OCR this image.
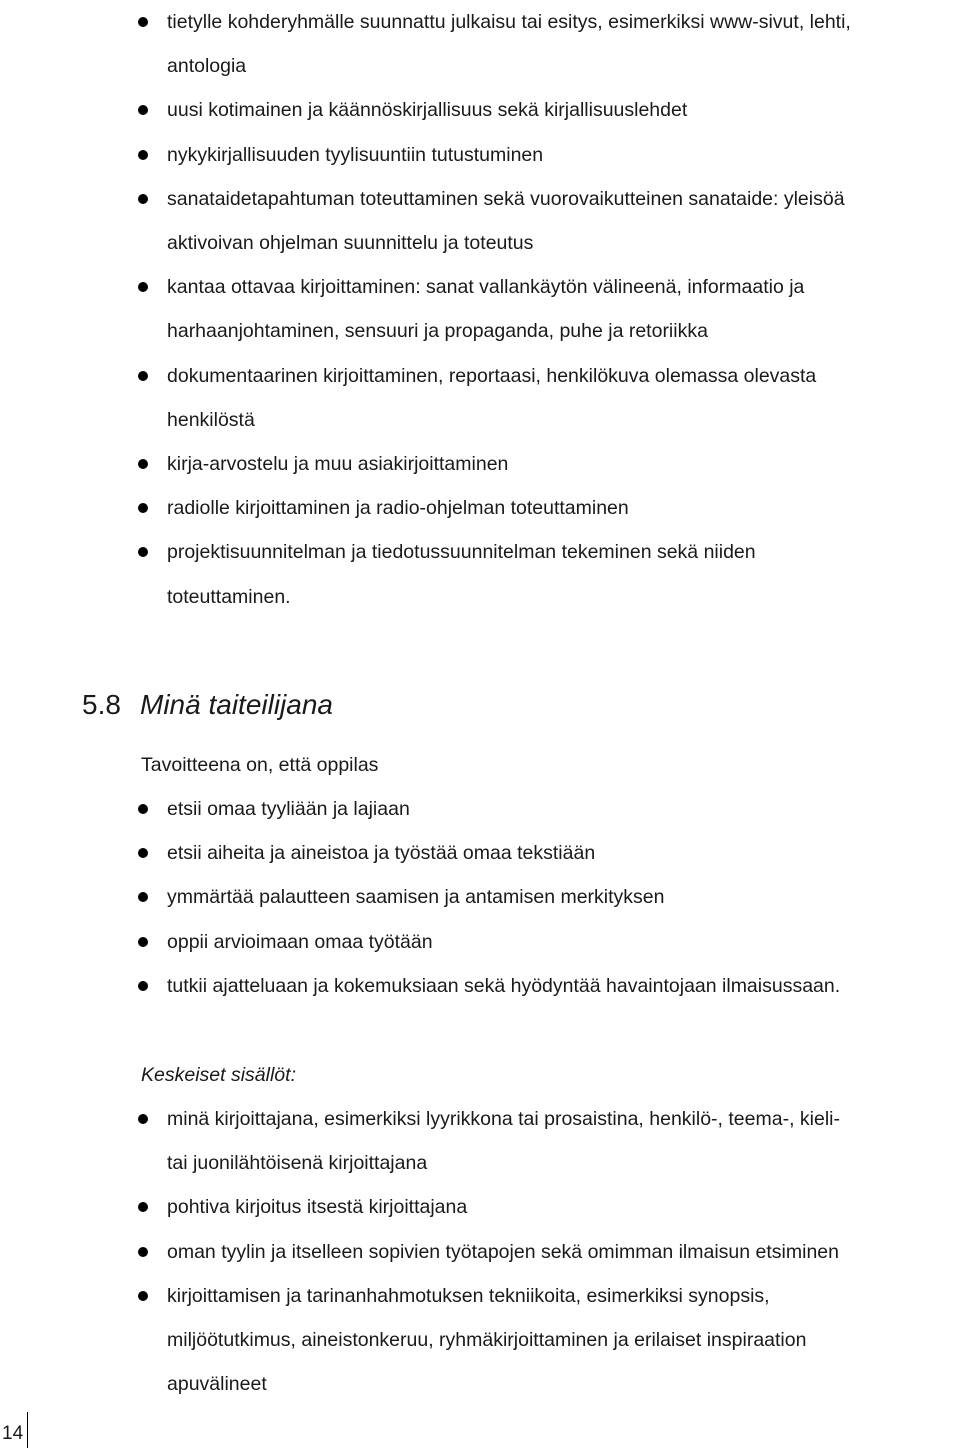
tietylle kohderyhmälle suunnattu julkaisu tai esitys, esimerkiksi www-sivut, lehti,
antologia
uusi kotimainen ja käännöskirjallisuus sekä kirjallisuuslehdet
nykykirjallisuuden tyylisuuntiin tutustuminen
sanataidetapahtuman toteuttaminen sekä vuorovaikutteinen sanataide: yleisöä
aktivoivan ohjelman suunnittelu ja toteutus
kantaa ottavaa kirjoittaminen: sanat vallankäytön välineenä, informaatio ja
harhaanjohtaminen, sensuuri ja propaganda, puhe ja retoriikka
dokumentaarinen kirjoittaminen, reportaasi, henkilökuva olemassa olevasta
henkilöstä
kirja-arvostelu ja muu asiakirjoittaminen
radiolle kirjoittaminen ja radio-ohjelman toteuttaminen
projektisuunnitelman ja tiedotussuunnitelman tekeminen sekä niiden
toteuttaminen.
5.8 Minä taiteilijana
Tavoitteena on, että oppilas
etsii omaa tyyliään ja lajiaan
etsii aiheita ja aineistoa ja työstää omaa tekstiään
ymmärtää palautteen saamisen ja antamisen merkityksen
oppii arvioimaan omaa työtään
tutkii ajatteluaan ja kokemuksiaan sekä hyödyntää havaintojaan ilmaisussaan.
Keskeiset sisällöt:
minä kirjoittajana, esimerkiksi lyyrikkona tai prosaistina, henkilö-, teema-, kieli-
tai juonilähtöisenä kirjoittajana
pohtiva kirjoitus itsestä kirjoittajana
oman tyylin ja itselleen sopivien työtapojen sekä omimman ilmaisun etsiminen
kirjoittamisen ja tarinanhahmotuksen tekniikoita, esimerkiksi synopsis,
miljöötutkimus, aineistonkeruu, ryhmäkirjoittaminen ja erilaiset inspiraation
apuvälineet
14
